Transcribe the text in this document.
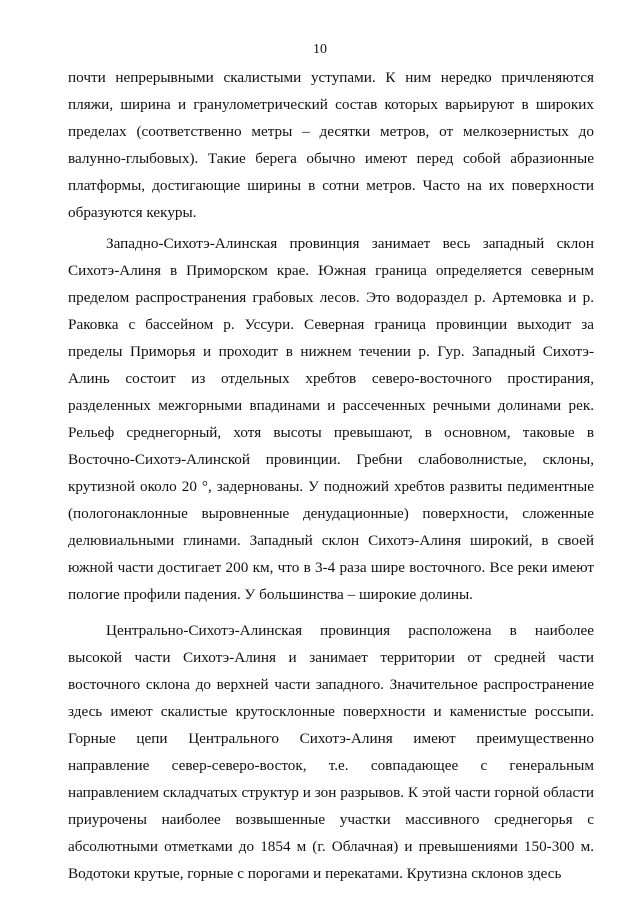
10

почти непрерывными скалистыми уступами. К ним нередко причленяются пляжи, ширина и гранулометрический состав которых варьируют в широких пределах (соответственно метры – десятки метров, от мелкозернистых до валунно-глыбовых). Такие берега обычно имеют перед собой абразионные платформы, достигающие ширины в сотни метров. Часто на их поверхности образуются кекуры.

Западно-Сихотэ-Алинская провинция занимает весь западный склон Сихотэ-Алиня в Приморском крае. Южная граница определяется северным пределом распространения грабовых лесов. Это водораздел р. Артемовка и р. Раковка с бассейном р. Уссури. Северная граница провинции выходит за пределы Приморья и проходит в нижнем течении р. Гур. Западный Сихотэ-Алинь состоит из отдельных хребтов северо-восточного простирания, разделенных межгорными впадинами и рассеченных речными долинами рек. Рельеф среднегорный, хотя высоты превышают, в основном, таковые в Восточно-Сихотэ-Алинской провинции. Гребни слабоволнистые, склоны, крутизной около 20 °, задернованы. У подножий хребтов развиты педиментные (пологонаклонные выровненные денудационные) поверхности, сложенные делювиальными глинами. Западный склон Сихотэ-Алиня широкий, в своей южной части достигает 200 км, что в 3-4 раза шире восточного. Все реки имеют пологие профили падения. У большинства – широкие долины.

Центрально-Сихотэ-Алинская провинция расположена в наиболее высокой части Сихотэ-Алиня и занимает территории от средней части восточного склона до верхней части западного. Значительное распространение здесь имеют скалистые крутосклонные поверхности и каменистые россыпи. Горные цепи Центрального Сихотэ-Алиня имеют преимущественно направление север-северо-восток, т.е. совпадающее с генеральным направлением складчатых структур и зон разрывов. К этой части горной области приурочены наиболее возвышенные участки массивного среднегорья с абсолютными отметками до 1854 м (г. Облачная) и превышениями 150-300 м. Водотоки крутые, горные с порогами и перекатами. Крутизна склонов здесь
